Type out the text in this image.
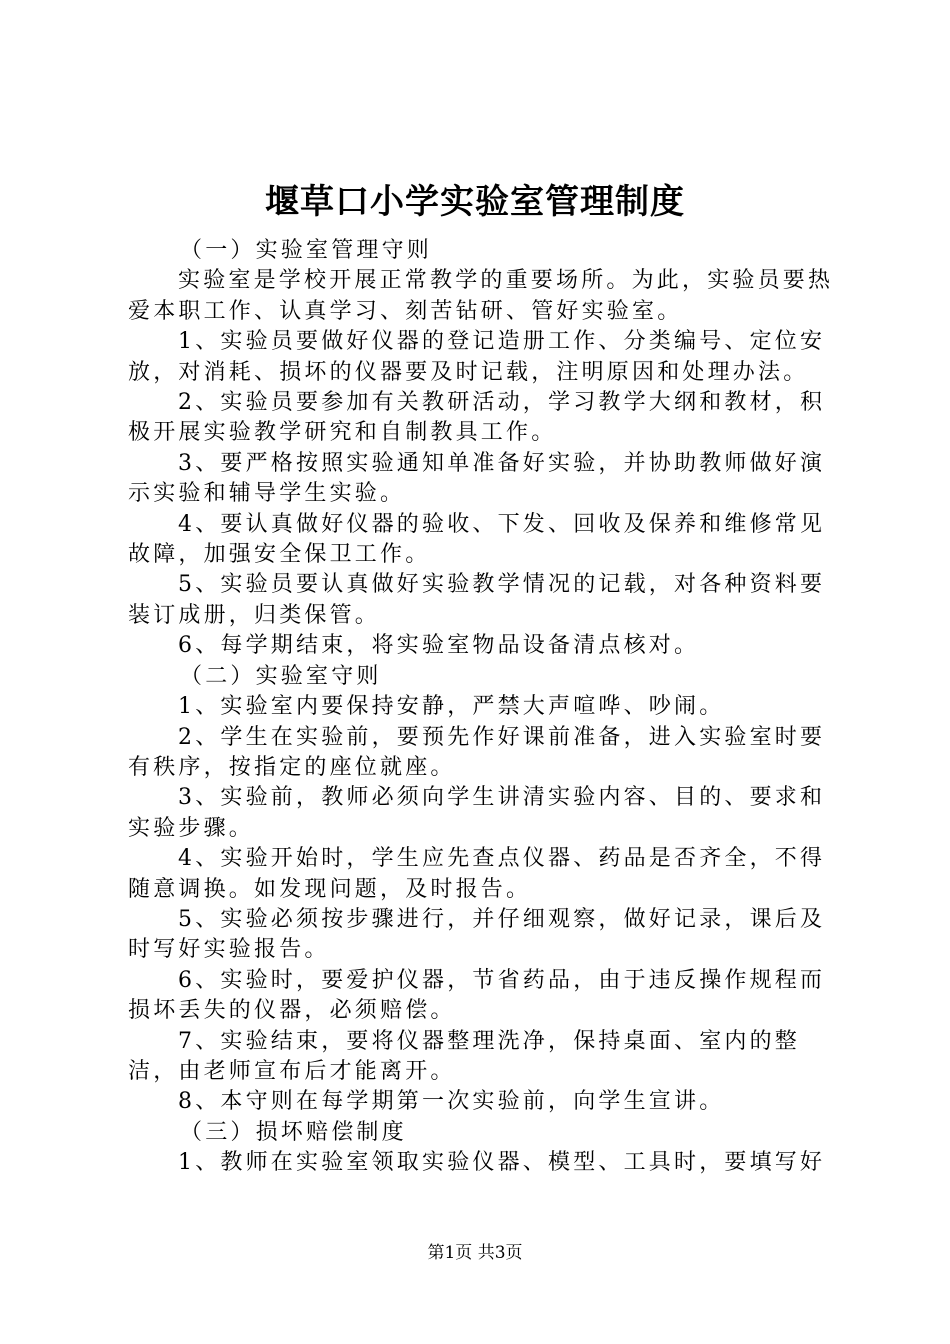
堰草口小学实验室管理制度

（一）实验室管理守则

实验室是学校开展正常教学的重要场所。为此，实验员要热爱本职工作、认真学习、刻苦钻研、管好实验室。

1、实验员要做好仪器的登记造册工作、分类编号、定位安放，对消耗、损坏的仪器要及时记载，注明原因和处理办法。

2、实验员要参加有关教研活动，学习教学大纲和教材，积极开展实验教学研究和自制教具工作。

3、要严格按照实验通知单准备好实验，并协助教师做好演示实验和辅导学生实验。

4、要认真做好仪器的验收、下发、回收及保养和维修常见故障，加强安全保卫工作。

5、实验员要认真做好实验教学情况的记载，对各种资料要装订成册，归类保管。

6、每学期结束，将实验室物品设备清点核对。

（二）实验室守则

1、实验室内要保持安静，严禁大声喧哗、吵闹。

2、学生在实验前，要预先作好课前准备，进入实验室时要有秩序，按指定的座位就座。

3、实验前，教师必须向学生讲清实验内容、目的、要求和实验步骤。

4、实验开始时，学生应先查点仪器、药品是否齐全，不得随意调换。如发现问题，及时报告。

5、实验必须按步骤进行，并仔细观察，做好记录，课后及时写好实验报告。

6、实验时，要爱护仪器，节省药品，由于违反操作规程而损坏丢失的仪器，必须赔偿。

7、实验结束，要将仪器整理洗净，保持桌面、室内的整洁，由老师宣布后才能离开。

8、本守则在每学期第一次实验前，向学生宣讲。

（三）损坏赔偿制度

1、教师在实验室领取实验仪器、模型、工具时，要填写好

第1页 共3页
